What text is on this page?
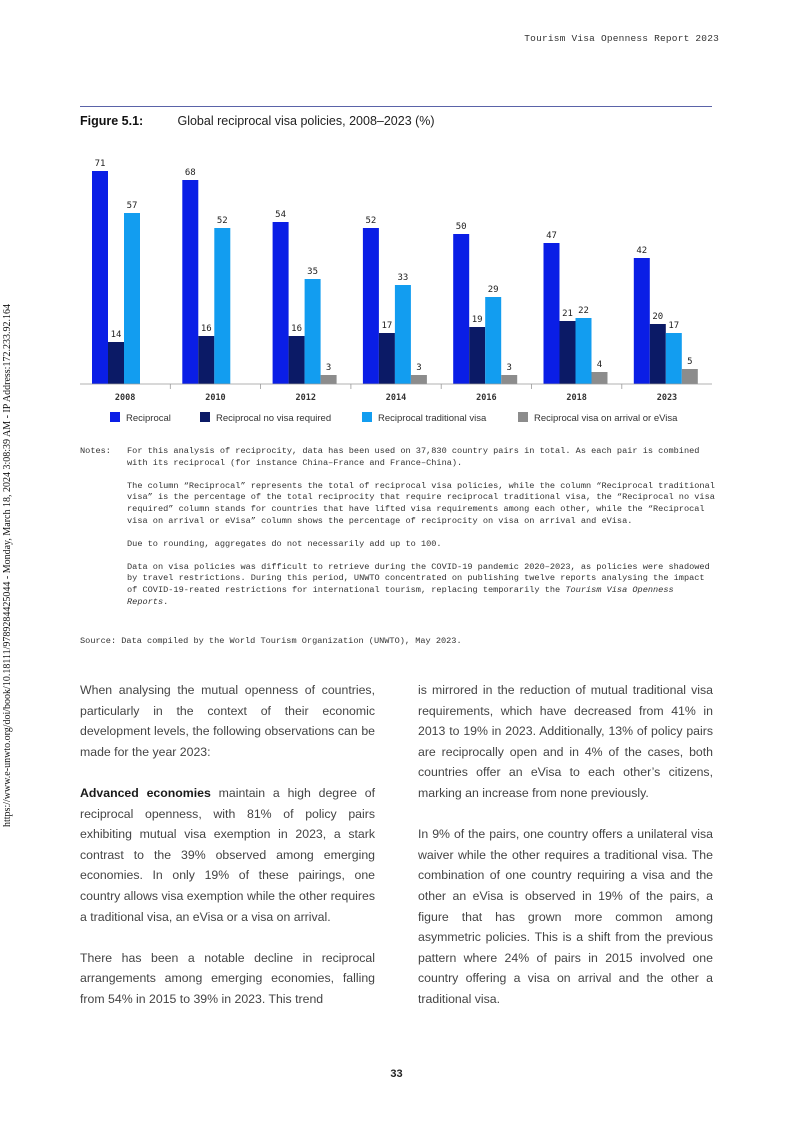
Tourism Visa Openness Report 2023
https://www.e-unwto.org/doi/book/10.18111/9789284425044 - Monday, March 18, 2024 3:08:39 AM - IP Address:172.233.92.164
Figure 5.1:	Global reciprocal visa policies, 2008–2023 (%)
71
14
57
2008
68
16
52
2010
54
16
35
3
2012
52
17
33
3
2014
50
19
29
3
2016
47
21 22
4
2018
42
20
17
5
2023
Reciprocal	Reciprocal no visa required	Reciprocal traditional visa	Reciprocal visa on arrival or eVisa
Notes:	For this analysis of reciprocity, data has been used on 37,830 country pairs in total. As each pair is combined with its reciprocal (for instance China–France and France–China).

The column “Reciprocal” represents the total of reciprocal visa policies, while the column “Reciprocal traditional visa” is the percentage of the total reciprocity that require reciprocal traditional visa, the “Reciprocal no visa required” column stands for countries that have lifted visa requirements among each other, while the “Reciprocal visa on arrival or eVisa” column shows the percentage of reciprocity on visa on arrival and eVisa.

Due to rounding, aggregates do not necessarily add up to 100.

Data on visa policies was difficult to retrieve during the COVID-19 pandemic 2020–2023, as policies were shadowed by travel restrictions. During this period, UNWTO concentrated on publishing twelve reports analysing the impact of COVID-19-reated restrictions for international tourism, replacing temporarily the Tourism Visa Openness Reports.

Source: Data compiled by the World Tourism Organization (UNWTO), May 2023.

When analysing the mutual openness of countries, particularly in the context of their economic development levels, the following observations can be made for the year 2023:

Advanced economies maintain a high degree of reciprocal openness, with 81% of policy pairs exhibiting mutual visa exemption in 2023, a stark contrast to the 39% observed among emerging economies. In only 19% of these pairings, one country allows visa exemption while the other requires a traditional visa, an eVisa or a visa on arrival.

There has been a notable decline in reciprocal arrangements among emerging economies, falling from 54% in 2015 to 39% in 2023. This trend

is mirrored in the reduction of mutual traditional visa requirements, which have decreased from 41% in 2013 to 19% in 2023. Additionally, 13% of policy pairs are reciprocally open and in 4% of the cases, both countries offer an eVisa to each other’s citizens, marking an increase from none previously.

In 9% of the pairs, one country offers a unilateral visa waiver while the other requires a traditional visa. The combination of one country requiring a visa and the other an eVisa is observed in 19% of the pairs, a figure that has grown more common among asymmetric policies. This is a shift from the previous pattern where 24% of pairs in 2015 involved one country offering a visa on arrival and the other a traditional visa.

33
